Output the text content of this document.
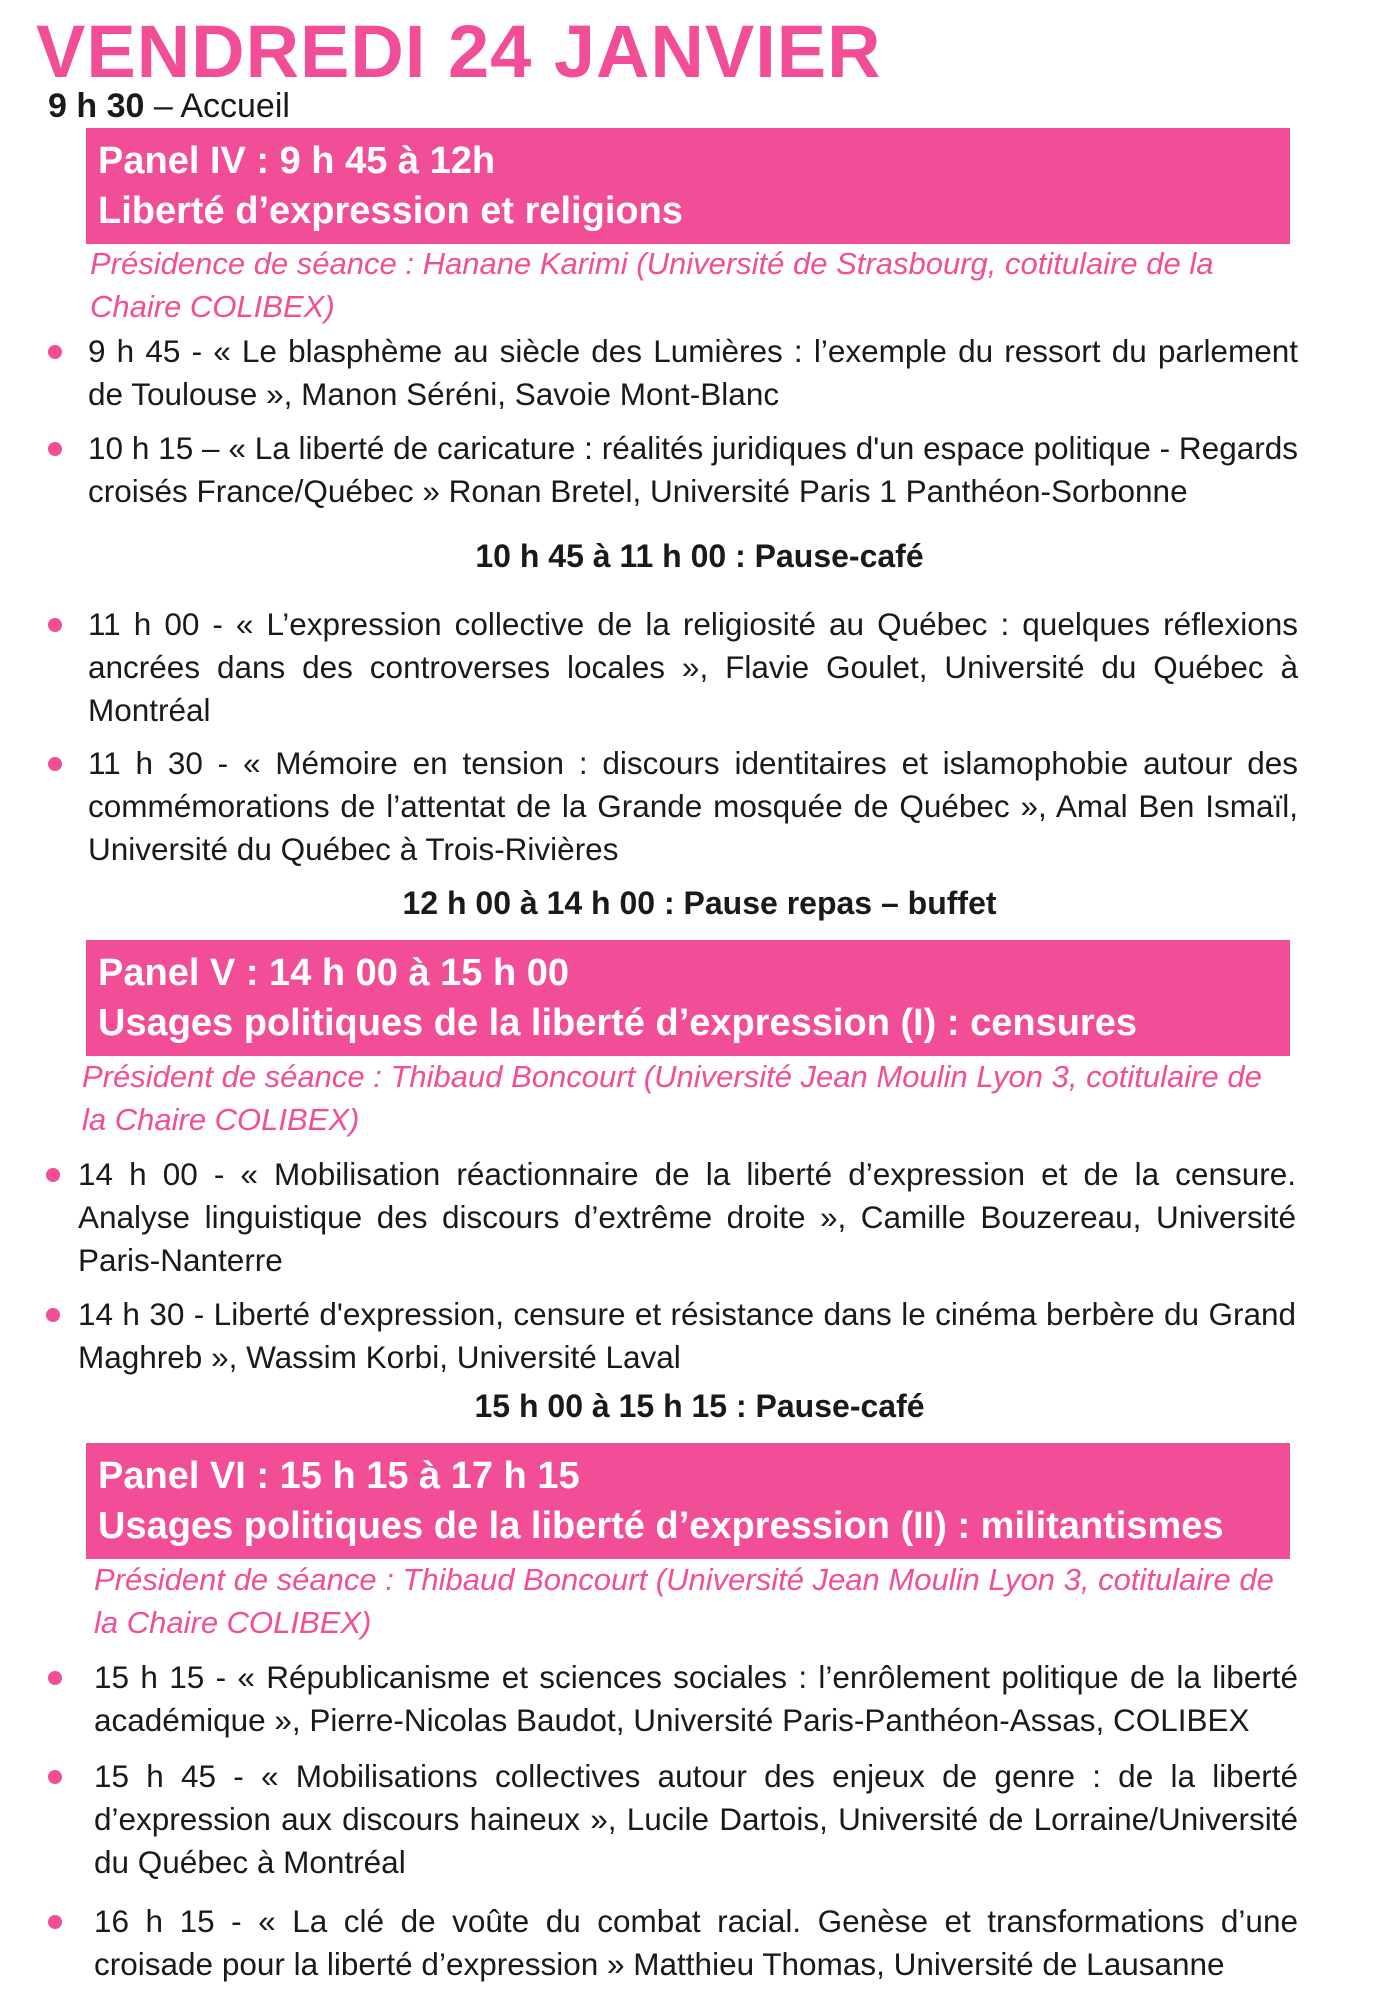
VENDREDI 24 JANVIER
9 h 30 – Accueil
Panel IV : 9 h 45 à 12h
Liberté d’expression et religions
Présidence de séance : Hanane Karimi (Université de Strasbourg, cotitulaire de la Chaire COLIBEX)
9 h 45 - « Le blasphème au siècle des Lumières : l’exemple du ressort du parlement de Toulouse », Manon Séréni, Savoie Mont-Blanc
10 h 15 – « La liberté de caricature : réalités juridiques d'un espace politique - Regards croisés France/Québec » Ronan Bretel, Université Paris 1 Panthéon-Sorbonne
10 h 45 à 11 h 00 : Pause-café
11 h 00 - « L’expression collective de la religiosité au Québec : quelques réflexions ancrées dans des controverses locales », Flavie Goulet, Université du Québec à Montréal
11 h 30 - « Mémoire en tension : discours identitaires et islamophobie autour des commémorations de l’attentat de la Grande mosquée de Québec », Amal Ben Ismaïl, Université du Québec à Trois-Rivières
12 h 00 à 14 h 00 : Pause repas – buffet
Panel V : 14 h 00 à 15 h 00
Usages politiques de la liberté d’expression (I) : censures
Président de séance : Thibaud Boncourt (Université Jean Moulin Lyon 3, cotitulaire de la Chaire COLIBEX)
14 h 00 - « Mobilisation réactionnaire de la liberté d’expression et de la censure. Analyse linguistique des discours d’extrême droite », Camille Bouzereau, Université Paris-Nanterre
14 h 30 - Liberté d'expression, censure et résistance dans le cinéma berbère du Grand Maghreb », Wassim Korbi, Université Laval
15 h 00 à 15 h 15 : Pause-café
Panel VI : 15 h 15 à 17 h 15
Usages politiques de la liberté d’expression (II) : militantismes
Président de séance : Thibaud Boncourt (Université Jean Moulin Lyon 3, cotitulaire de la Chaire COLIBEX)
15 h 15 - « Républicanisme et sciences sociales : l’enrôlement politique de la liberté académique », Pierre-Nicolas Baudot, Université Paris-Panthéon-Assas, COLIBEX
15 h 45 - « Mobilisations collectives autour des enjeux de genre : de la liberté d’expression aux discours haineux », Lucile Dartois, Université de Lorraine/Université du Québec à Montréal
16 h 15 - « La clé de voûte du combat racial. Genèse et transformations d’une croisade pour la liberté d’expression » Matthieu Thomas, Université de Lausanne
